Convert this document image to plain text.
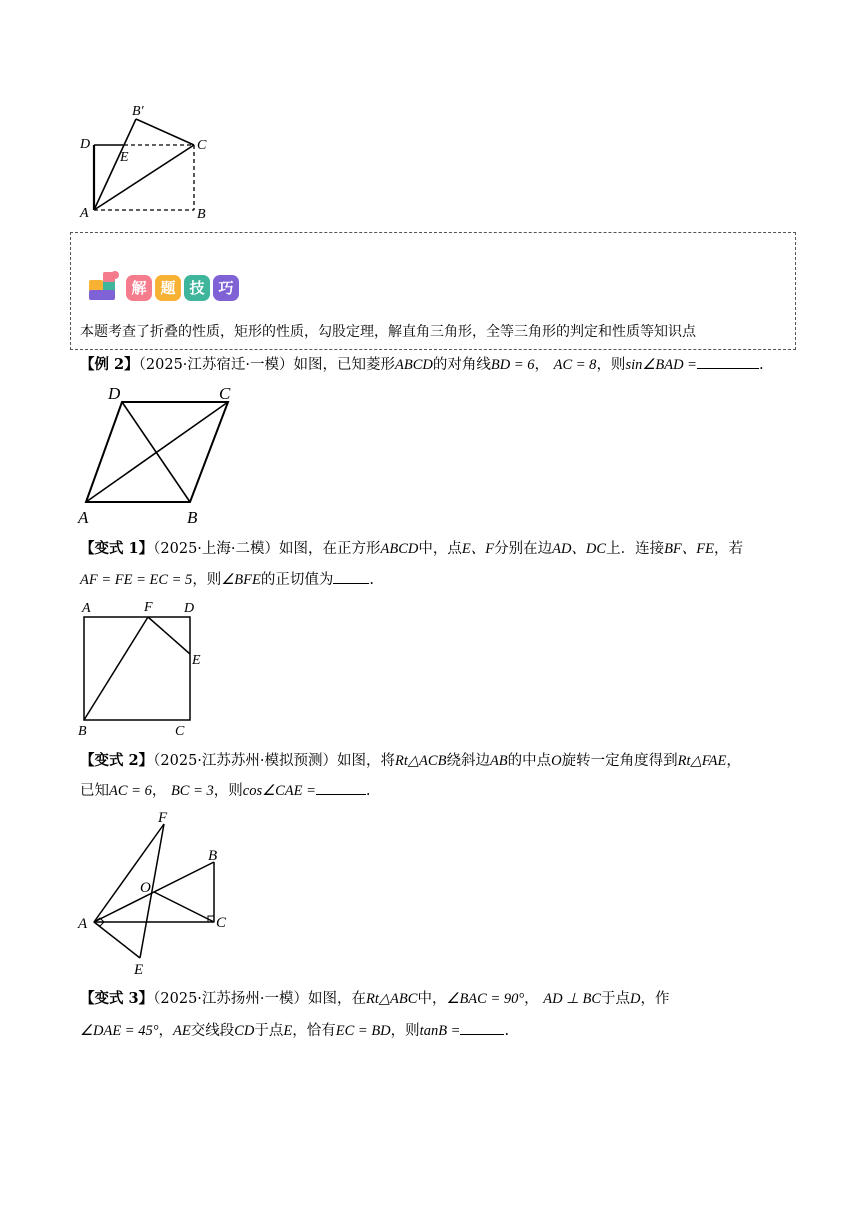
B′
D
E
C
A	B
解 题 技 巧
本题考查了折叠的性质，矩形的性质，勾股定理，解直角三角形，全等三角形的判定和性质等知识点
【例 2】（2025·江苏宿迁·一模）如图，已知菱形ABCD的对角线BD = 6， AC = 8，则sin∠BAD =	.
D	C
A	B
【变式 1】（2025·上海·二模）如图，在正方形ABCD中，点E、F分别在边AD、DC上．连接BF、FE，若
AF = FE = EC = 5，则∠BFE的正切值为 .
A	F D
E
B	C
【变式 2】（2025·江苏苏州·模拟预测）如图，将Rt△ACB绕斜边AB的中点O旋转一定角度得到Rt△FAE，
已知AC = 6， BC = 3，则cos∠CAE =	.
F
B
O
A	C
E
【变式 3】（2025·江苏扬州·一模）如图，在Rt△ABC中，∠BAC = 90°， AD ⊥ BC于点D，作
∠DAE = 45°，AE交线段CD于点E，恰有EC = BD，则tanB =	.
